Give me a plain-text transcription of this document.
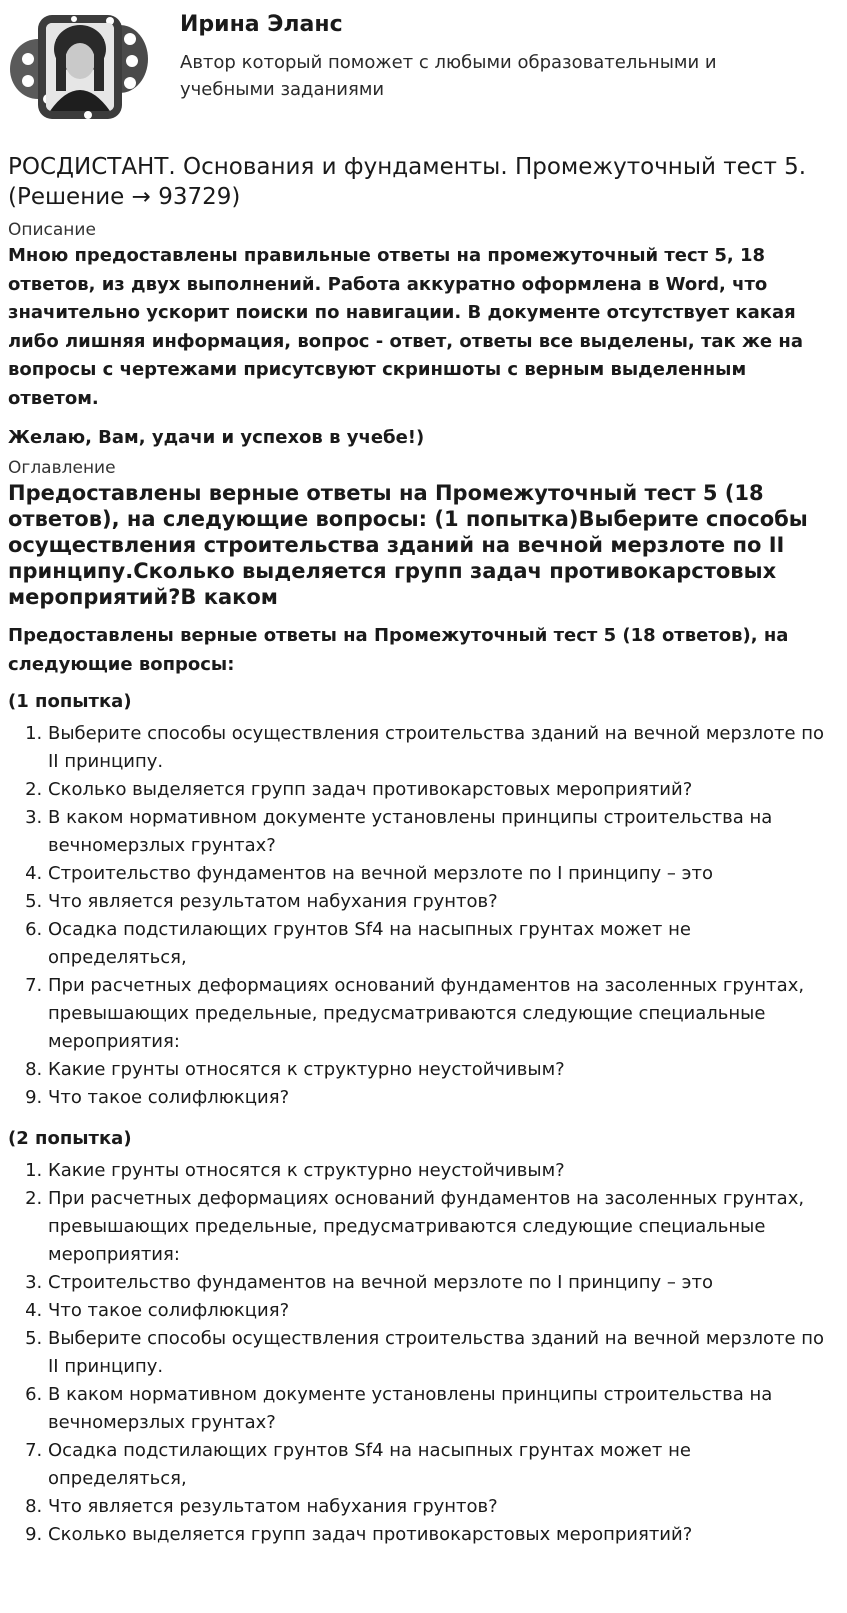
Ирина Эланс
Автор который поможет с любыми образовательными и учебными заданиями
РОСДИСТАНТ. Основания и фундаменты. Промежуточный тест 5. (Решение → 93729)
Описание

Мною предоставлены правильные ответы на промежуточный тест 5, 18 ответов, из двух выполнений. Работа аккуратно оформлена в Word, что значительно ускорит поиски по навигации. В документе отсутствует какая либо лишняя информация, вопрос - ответ, ответы все выделены, так же на вопросы с чертежами присутсвуют скриншоты с верным выделенным ответом.

Желаю, Вам, удачи и успехов в учебе!)

Оглавление
Предоставлены верные ответы на Промежуточный тест 5 (18 ответов), на следующие вопросы: (1 попытка)Выберите способы осуществления строительства зданий на вечной мерзлоте по II принципу.Сколько выделяется групп задач противокарстовых мероприятий?В каком
Предоставлены верные ответы на Промежуточный тест 5 (18 ответов), на следующие вопросы:
(1 попытка)
1. Выберите способы осуществления строительства зданий на вечной мерзлоте по II принципу.
2. Сколько выделяется групп задач противокарстовых мероприятий?
3. В каком нормативном документе установлены принципы строительства на вечномерзлых грунтах?
4. Строительство фундаментов на вечной мерзлоте по I принципу – это
5. Что является результатом набухания грунтов?
6. Осадка подстилающих грунтов Sf4 на насыпных грунтах может не определяться,
7. При расчетных деформациях оснований фундаментов на засоленных грунтах, превышающих предельные, предусматриваются следующие специальные мероприятия:
8. Какие грунты относятся к структурно неустойчивым?
9. Что такое солифлюкция?
(2 попытка)
1. Какие грунты относятся к структурно неустойчивым?
2. При расчетных деформациях оснований фундаментов на засоленных грунтах, превышающих предельные, предусматриваются следующие специальные мероприятия:
3. Строительство фундаментов на вечной мерзлоте по I принципу – это
4. Что такое солифлюкция?
5. Выберите способы осуществления строительства зданий на вечной мерзлоте по II принципу.
6. В каком нормативном документе установлены принципы строительства на вечномерзлых грунтах?
7. Осадка подстилающих грунтов Sf4 на насыпных грунтах может не определяться,
8. Что является результатом набухания грунтов?
9. Сколько выделяется групп задач противокарстовых мероприятий?
